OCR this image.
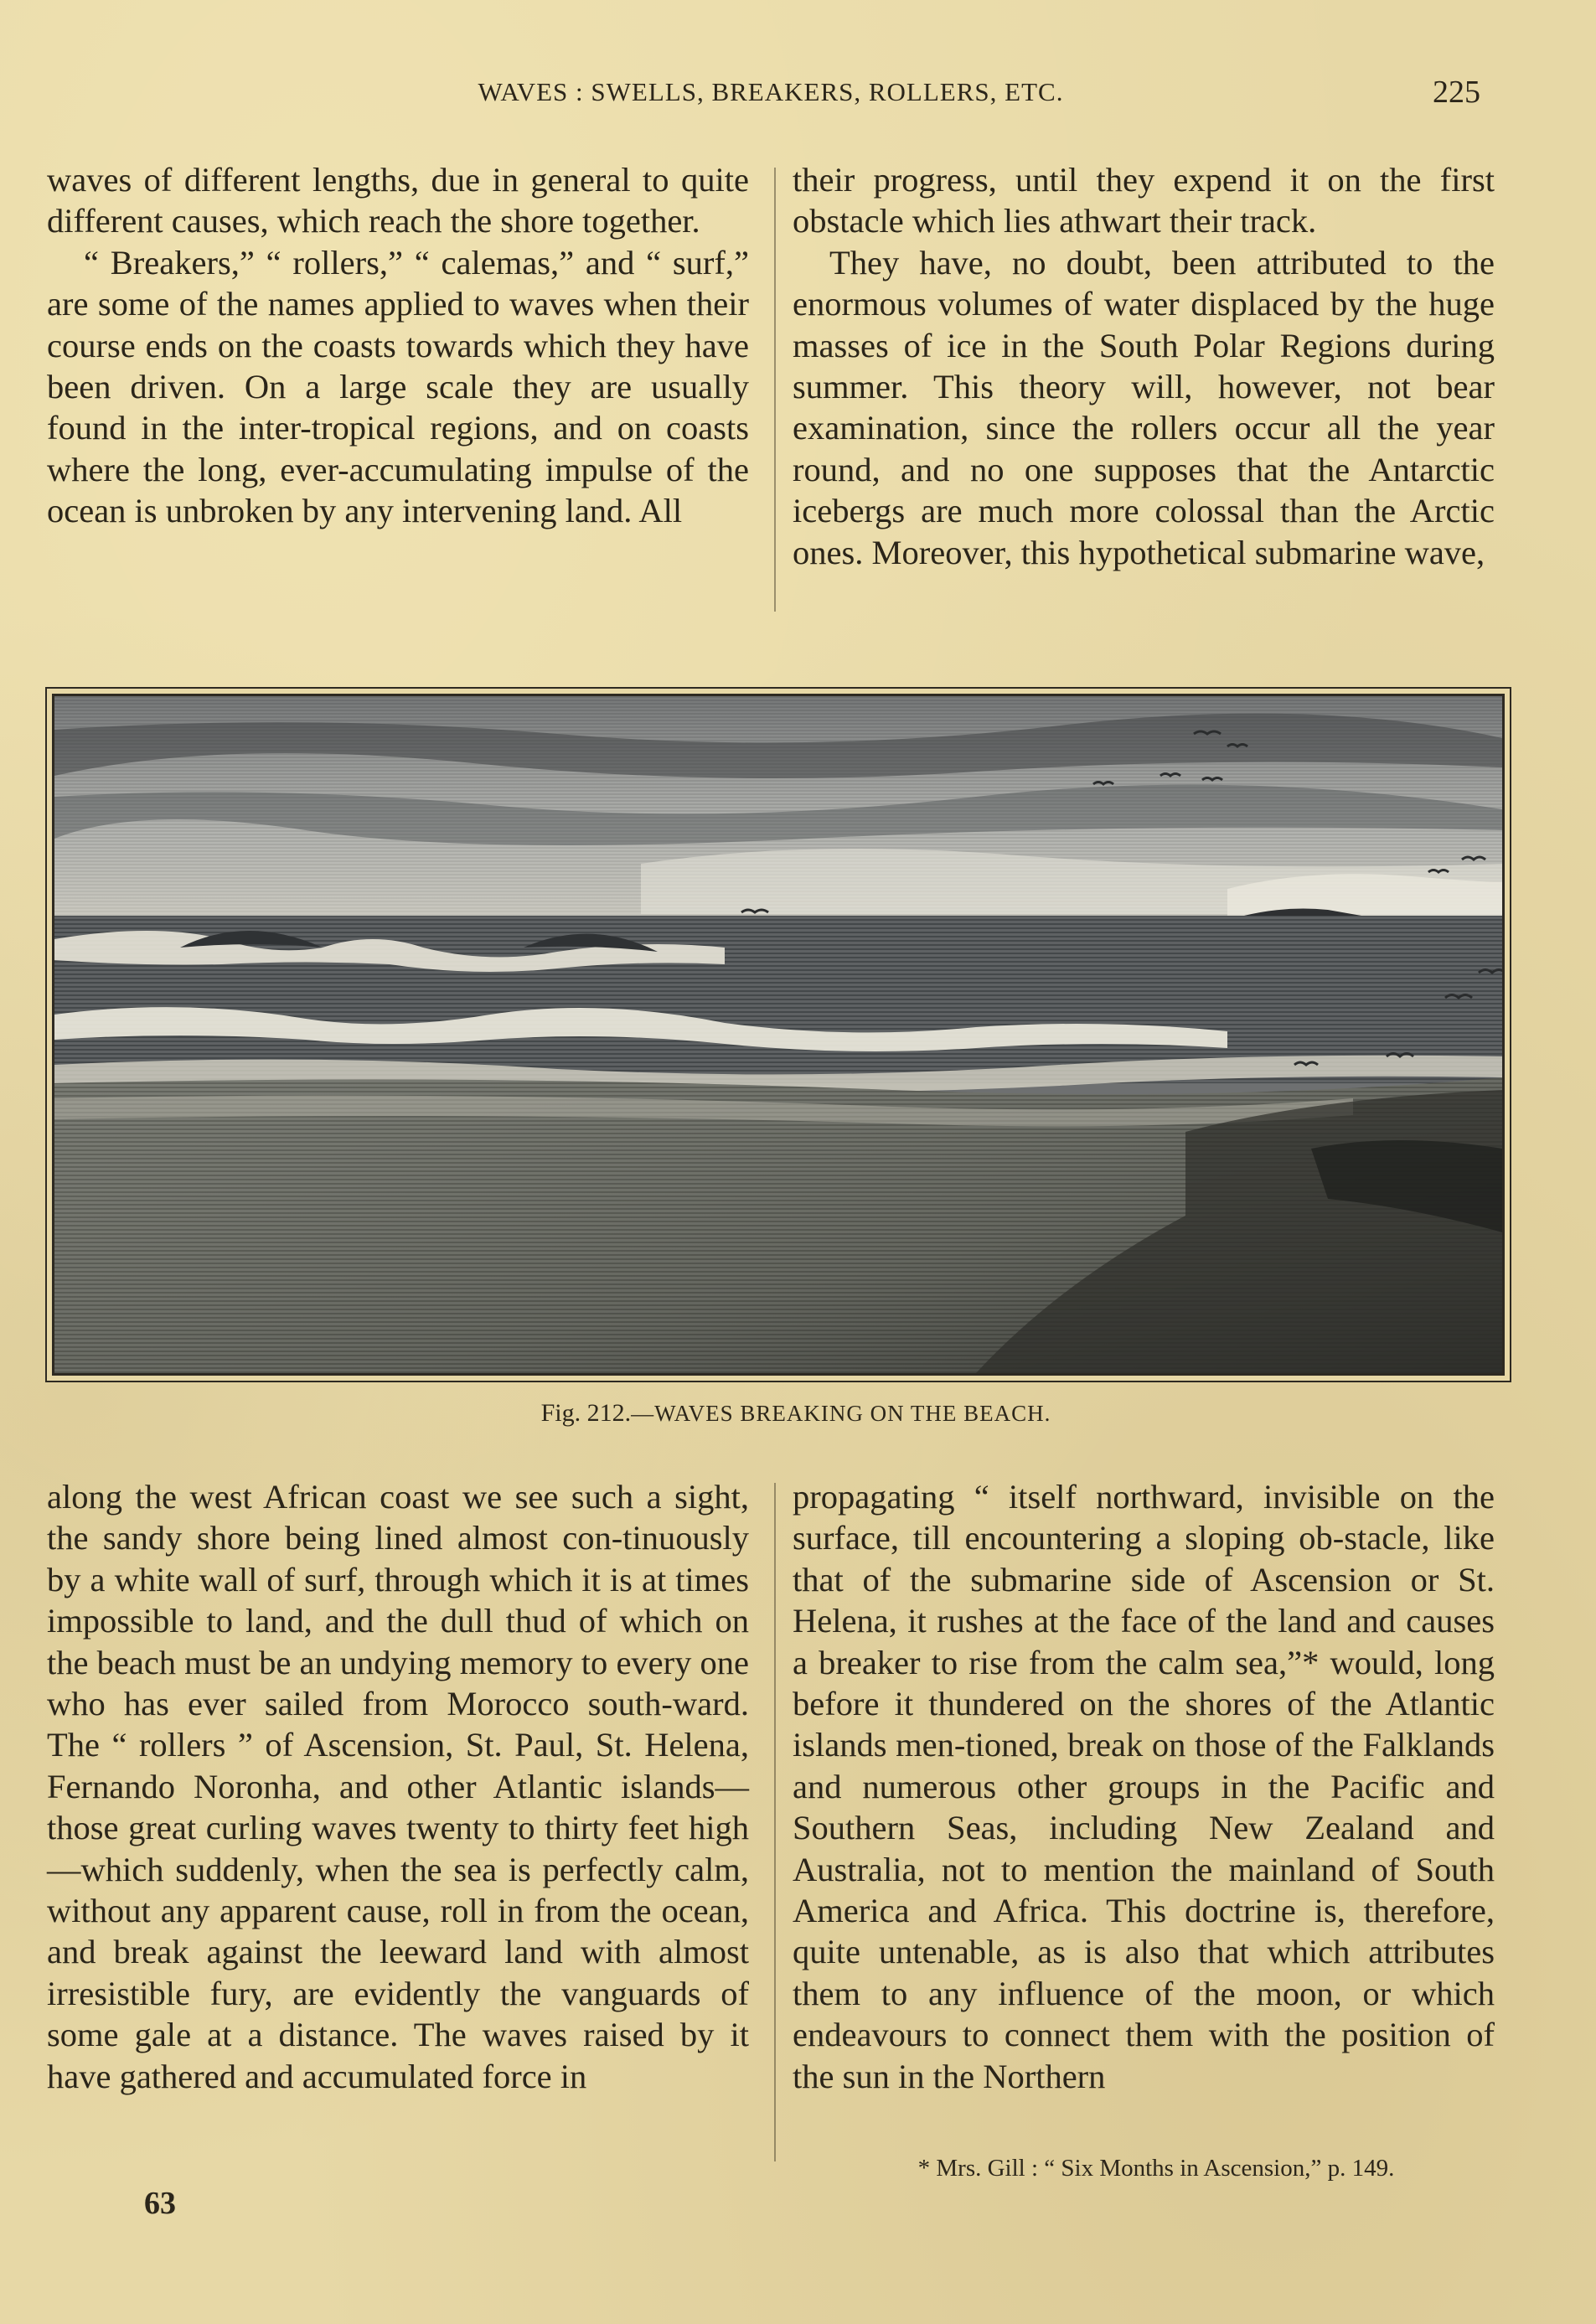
WAVES : SWELLS, BREAKERS, ROLLERS, ETC.	225

waves of different lengths, due in general to quite different causes, which reach the shore together.

“ Breakers,” “ rollers,” “ calemas,” and “ surf,” are some of the names applied to waves when their course ends on the coasts towards which they have been driven. On a large scale they are usually found in the inter-tropical regions, and on coasts where the long, ever-accumulating impulse of the ocean is unbroken by any intervening land. All

their progress, until they expend it on the first obstacle which lies athwart their track.

They have, no doubt, been attributed to the enormous volumes of water displaced by the huge masses of ice in the South Polar Regions during summer. This theory will, however, not bear examination, since the rollers occur all the year round, and no one supposes that the Antarctic icebergs are much more colossal than the Arctic ones. Moreover, this hypothetical submarine wave,

Fig. 212.—WAVES BREAKING ON THE BEACH.

along the west African coast we see such a sight, the sandy shore being lined almost con-tinuously by a white wall of surf, through which it is at times impossible to land, and the dull thud of which on the beach must be an undying memory to every one who has ever sailed from Morocco south-ward. The “ rollers ” of Ascension, St. Paul, St. Helena, Fernando Noronha, and other Atlantic islands—those great curling waves twenty to thirty feet high—which suddenly, when the sea is perfectly calm, without any apparent cause, roll in from the ocean, and break against the leeward land with almost irresistible fury, are evidently the vanguards of some gale at a distance. The waves raised by it have gathered and accumulated force in

propagating “ itself northward, invisible on the surface, till encountering a sloping ob-stacle, like that of the submarine side of Ascension or St. Helena, it rushes at the face of the land and causes a breaker to rise from the calm sea,”* would, long before it thundered on the shores of the Atlantic islands men-tioned, break on those of the Falklands and numerous other groups in the Pacific and Southern Seas, including New Zealand and Australia, not to mention the mainland of South America and Africa. This doctrine is, therefore, quite untenable, as is also that which attributes them to any influence of the moon, or which endeavours to connect them with the position of the sun in the Northern

* Mrs. Gill : “ Six Months in Ascension,” p. 149.
63
